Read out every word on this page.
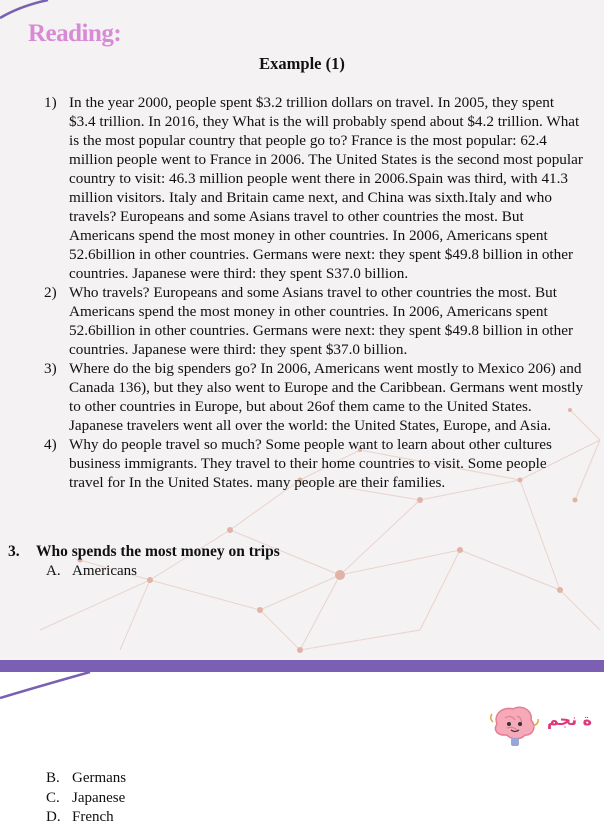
Reading:
Example (1)
1) In the year 2000, people spent $3.2 trillion dollars on travel. In 2005, they spent $3.4 trillion. In 2016, they What is the will probably spend about $4.2 trillion. What is the most popular country that people go to? France is the most popular: 62.4 million people went to France in 2006. The United States is the second most popular country to visit: 46.3 million people went there in 2006.Spain was third, with 41.3 million visitors. Italy and Britain came next, and China was sixth.Italy and who travels? Europeans and some Asians travel to other countries the most. But Americans spend the most money in other countries. In 2006, Americans spent 52.6billion in other countries. Germans were next: they spent $49.8 billion in other countries. Japanese were third: they spent S37.0 billion.
2) Who travels? Europeans and some Asians travel to other countries the most. But Americans spend the most money in other countries. In 2006, Americans spent 52.6billion in other countries. Germans were next: they spent $49.8 billion in other countries. Japanese were third: they spent $37.0 billion.
3) Where do the big spenders go? In 2006, Americans went mostly to Mexico 206) and Canada 136), but they also went to Europe and the Caribbean. Germans went mostly to other countries in Europe, but about 26of them came to the United States. Japanese travelers went all over the world: the United States, Europe, and Asia.
4) Why do people travel so much? Some people want to learn about other cultures business immigrants. They travel to their home countries to visit. Some people travel for In the United States. many people are their families.
3. Who spends the most money on trips
A. Americans
ة نجم
B. Germans
C. Japanese
D. French
